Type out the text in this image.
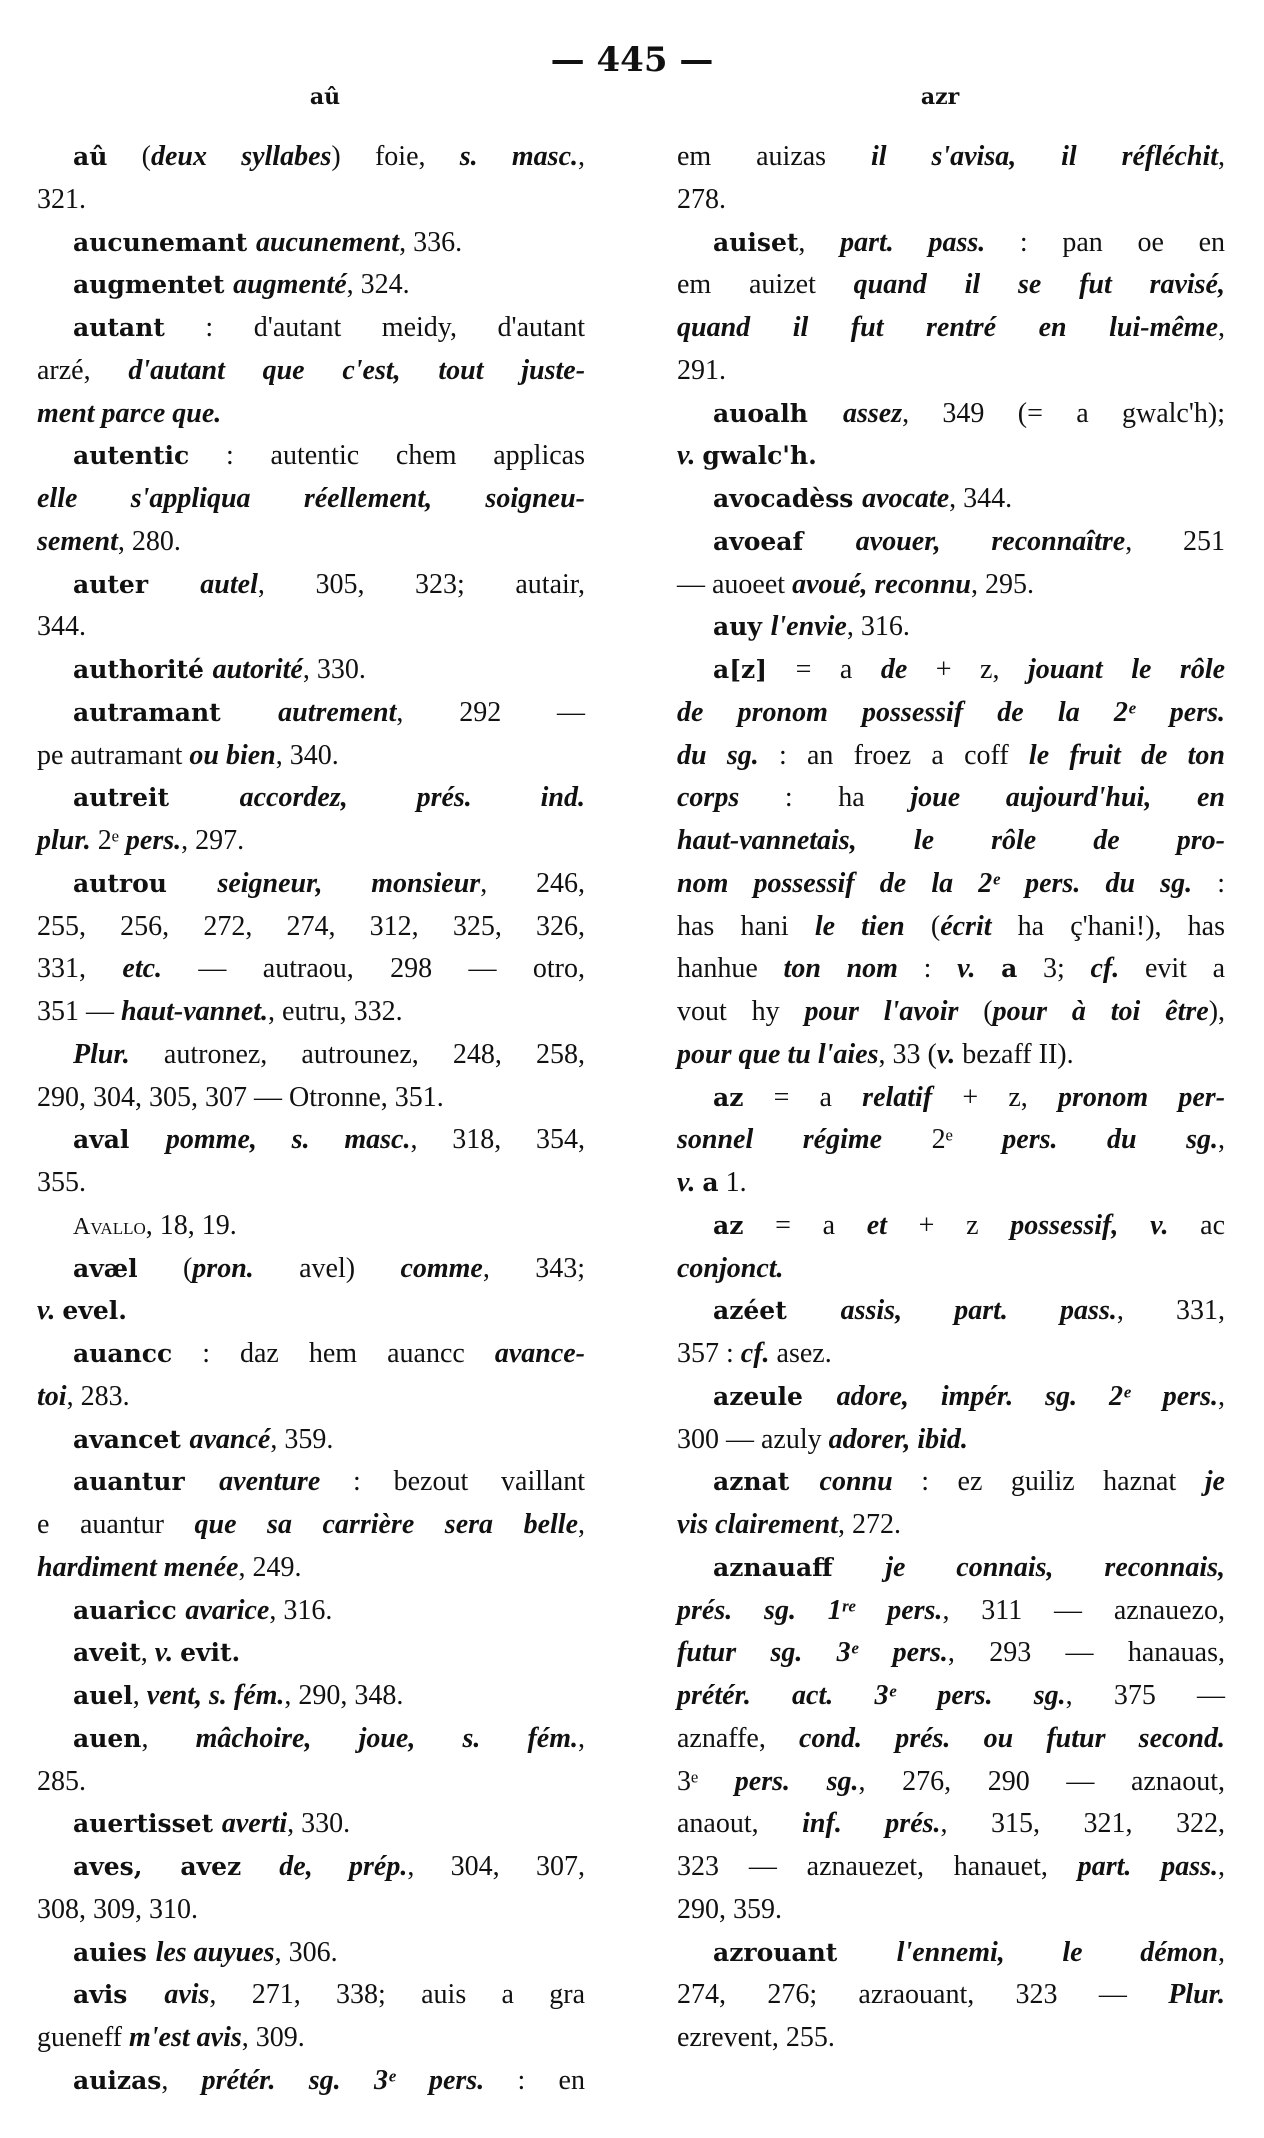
— 445 —
aû	azr
aû (deux syllabes) foie, s. masc.,
321.
aucunemant aucunement, 336.
augmentet augmenté, 324.
autant : d'autant meidy, d'autant
arzé, d'autant que c'est, tout juste-
ment parce que.
autentic : autentic chem applicas
elle s'appliqua réellement, soigneu-
sement, 280.
auter autel, 305, 323; autair,
344.
authorité autorité, 330.
autramant autrement, 292 —
pe autramant ou bien, 340.
autreit accordez, prés. ind.
plur. 2ᵉ pers., 297.
autrou seigneur, monsieur, 246,
255, 256, 272, 274, 312, 325, 326,
331, etc. — autraou, 298 — otro,
351 — haut-vannet., eutru, 332.
Plur. autronez, autrounez, 248, 258,
290, 304, 305, 307 — Otronne, 351.
aval pomme, s. masc., 318, 354,
355.
Avallo, 18, 19.
avæl (pron. avel) comme, 343;
v. evel.
auancc : daz hem auancc avance-
toi, 283.
avancet avancé, 359.
auantur aventure : bezout vaillant
e auantur que sa carrière sera belle,
hardiment menée, 249.
auaricc avarice, 316.
aveit, v. evit.
auel, vent, s. fém., 290, 348.
auen, mâchoire, joue, s. fém.,
285.
auertisset averti, 330.
aves, avez de, prép., 304, 307,
308, 309, 310.
auies les auyues, 306.
avis avis, 271, 338; auis a gra
gueneff m'est avis, 309.
auizas, prétér. sg. 3ᵉ pers. : en
em auizas il s'avisa, il réfléchit,
278.
auiset, part. pass. : pan oe en
em auizet quand il se fut ravisé,
quand il fut rentré en lui-même,
291.
auoalh assez, 349 (= a gwalc'h);
v. gwalc'h.
avocadèss avocate, 344.
avoeaf avouer, reconnaître, 251
— auoeet avoué, reconnu, 295.
auy l'envie, 316.
a[z] = a de + z, jouant le rôle
de pronom possessif de la 2ᵉ pers.
du sg. : an froez a coff le fruit de ton
corps : ha joue aujourd'hui, en
haut-vannetais, le rôle de pro-
nom possessif de la 2ᵉ pers. du sg. :
has hani le tien (écrit ha ç'hani!), has
hanhue ton nom : v. a 3; cf. evit a
vout hy pour l'avoir (pour à toi être),
pour que tu l'aies, 33 (v. bezaff II).
az = a relatif + z, pronom per-
sonnel régime 2ᵉ pers. du sg.,
v. a 1.
az = a et + z possessif, v. ac
conjonct.
azéet assis, part. pass., 331,
357 : cf. asez.
azeule adore, impér. sg. 2ᵉ pers.,
300 — azuly adorer, ibid.
aznat connu : ez guiliz haznat je
vis clairement, 272.
aznauaff je connais, reconnais,
prés. sg. 1ʳᵉ pers., 311 — aznauezo,
futur sg. 3ᵉ pers., 293 — hanauas,
prétér. act. 3ᵉ pers. sg., 375 —
aznaffe, cond. prés. ou futur second.
3ᵉ pers. sg., 276, 290 — aznaout,
anaout, inf. prés., 315, 321, 322,
323 — aznauezet, hanauet, part. pass.,
290, 359.
azrouant l'ennemi, le démon,
274, 276; azraouant, 323 — Plur.
ezrevent, 255.
